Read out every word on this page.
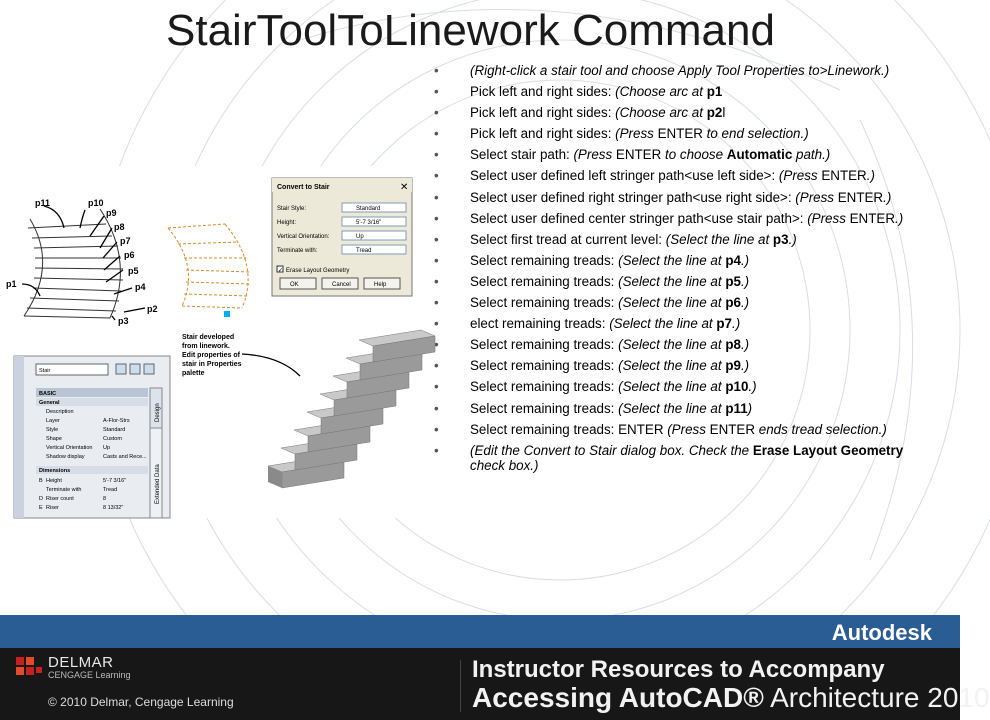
StairToolToLinework Command
• (Right-click a stair tool and choose Apply Tool Properties to>Linework.)
• Pick left and right sides: (Choose arc at p1
• Pick left and right sides: (Choose arc at p2l
• Pick left and right sides: (Press ENTER to end selection.)
• Select stair path: (Press ENTER to choose Automatic path.)
• Select user defined left stringer path<use left side>: (Press ENTER.)
• Select user defined right stringer path<use right side>: (Press ENTER.)
• Select user defined center stringer path<use stair path>: (Press ENTER.)
• Select first tread at current level: (Select the line at p3.)
• Select remaining treads: (Select the line at p4.)
• Select remaining treads: (Select the line at p5.)
• Select remaining treads: (Select the line at p6.)
• elect remaining treads: (Select the line at p7.)
• Select remaining treads: (Select the line at p8.)
• Select remaining treads: (Select the line at p9.)
• Select remaining treads: (Select the line at p10.)
• Select remaining treads: (Select the line at p11)
• Select remaining treads: ENTER (Press ENTER ends tread selection.)
• (Edit the Convert to Stair dialog box. Check the Erase Layout Geometry check box.)
p11	p10
p9
p8
p7
p6
p5
p4
p1
p2
p3
Convert to Stair	✕
Stair Style:	Standard
Height:	5'-7 3/16"
Vertical Orientation:	Up
Terminate with:	Tread
✓ Erase Layout Geometry
OK	Cancel	Help
Stair developed
from linework.
Edit properties of
stair in Properties
palette
Stair
BASIC
General
Description
Layer	A-Flor-Strs
Style	Standard
Shape	Custom
Vertical Orientation Up
Shadow display	Casts and Rece...
Dimensions
B Height	5'-7 3/16"
Terminate with	Tread
D Riser count	8
E Riser	8 13/32"
Design
Extended Data
Autodesk
DELMAR
CENGAGE Learning
© 2010 Delmar, Cengage Learning
Instructor Resources to Accompany
Accessing AutoCAD® Architecture 2010
